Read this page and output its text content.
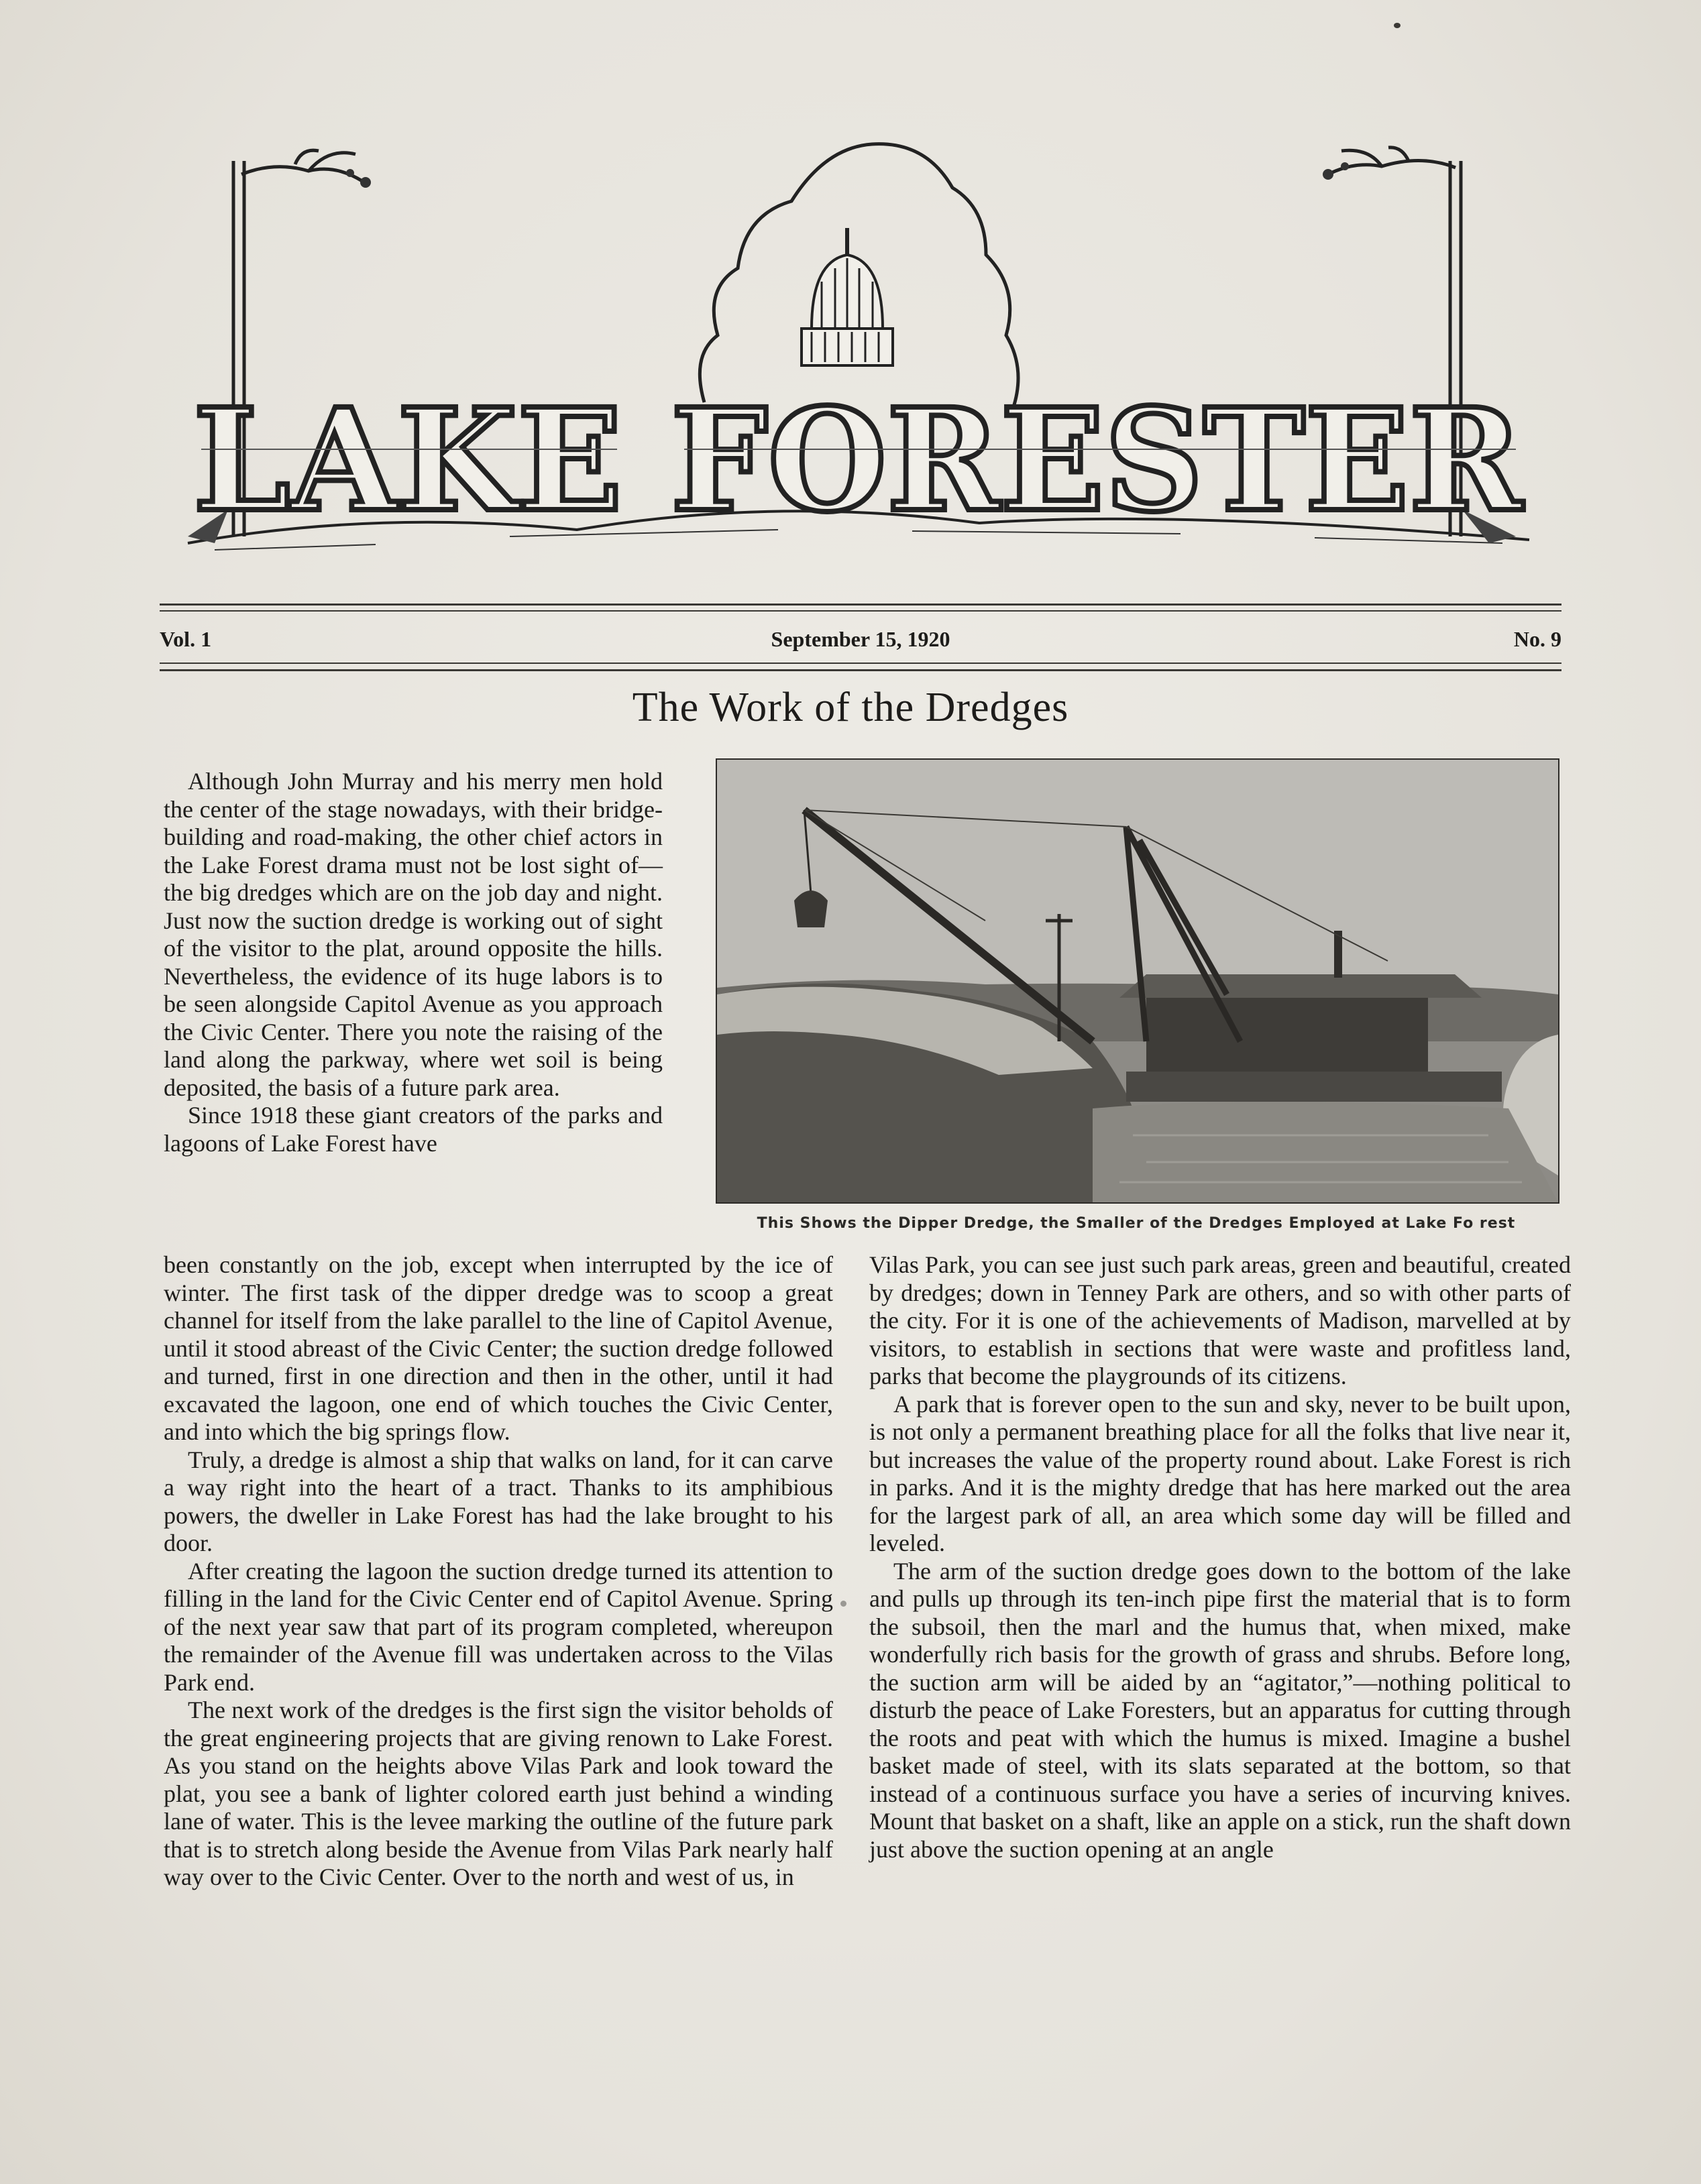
LAKE FORESTER
Vol. 1	September 15, 1920	No. 9
The Work of the Dredges

Although John Murray and his merry men hold the center of the stage nowadays, with their bridge-building and road-making, the other chief actors in the Lake Forest drama must not be lost sight of—the big dredges which are on the job day and night. Just now the suction dredge is working out of sight of the visitor to the plat, around opposite the hills. Nevertheless, the evidence of its huge labors is to be seen alongside Capitol Avenue as you approach the Civic Center. There you note the raising of the land along the parkway, where wet soil is being deposited, the basis of a future park area.

Since 1918 these giant creators of the parks and lagoons of Lake Forest have

This Shows the Dipper Dredge, the Smaller of the Dredges Employed at Lake Fo rest

been constantly on the job, except when interrupted by the ice of winter. The first task of the dipper dredge was to scoop a great channel for itself from the lake parallel to the line of Capitol Avenue, until it stood abreast of the Civic Center; the suction dredge followed and turned, first in one direction and then in the other, until it had excavated the lagoon, one end of which touches the Civic Center, and into which the big springs flow.

Truly, a dredge is almost a ship that walks on land, for it can carve a way right into the heart of a tract. Thanks to its amphibious powers, the dweller in Lake Forest has had the lake brought to his door.

After creating the lagoon the suction dredge turned its attention to filling in the land for the Civic Center end of Capitol Avenue. Spring of the next year saw that part of its program completed, whereupon the remainder of the Avenue fill was undertaken across to the Vilas Park end.

The next work of the dredges is the first sign the visitor beholds of the great engineering projects that are giving renown to Lake Forest. As you stand on the heights above Vilas Park and look toward the plat, you see a bank of lighter colored earth just behind a winding lane of water. This is the levee marking the outline of the future park that is to stretch along beside the Avenue from Vilas Park nearly half way over to the Civic Center. Over to the north and west of us, in

Vilas Park, you can see just such park areas, green and beautiful, created by dredges; down in Tenney Park are others, and so with other parts of the city. For it is one of the achievements of Madison, marvelled at by visitors, to establish in sections that were waste and profitless land, parks that become the playgrounds of its citizens.

A park that is forever open to the sun and sky, never to be built upon, is not only a permanent breathing place for all the folks that live near it, but increases the value of the property round about. Lake Forest is rich in parks. And it is the mighty dredge that has here marked out the area for the largest park of all, an area which some day will be filled and leveled.

The arm of the suction dredge goes down to the bottom of the lake and pulls up through its ten-inch pipe first the material that is to form the subsoil, then the marl and the humus that, when mixed, make wonderfully rich basis for the growth of grass and shrubs. Before long, the suction arm will be aided by an “agitator,”—nothing political to disturb the peace of Lake Foresters, but an apparatus for cutting through the roots and peat with which the humus is mixed. Imagine a bushel basket made of steel, with its slats separated at the bottom, so that instead of a continuous surface you have a series of incurving knives. Mount that basket on a shaft, like an apple on a stick, run the shaft down just above the suction opening at an angle
